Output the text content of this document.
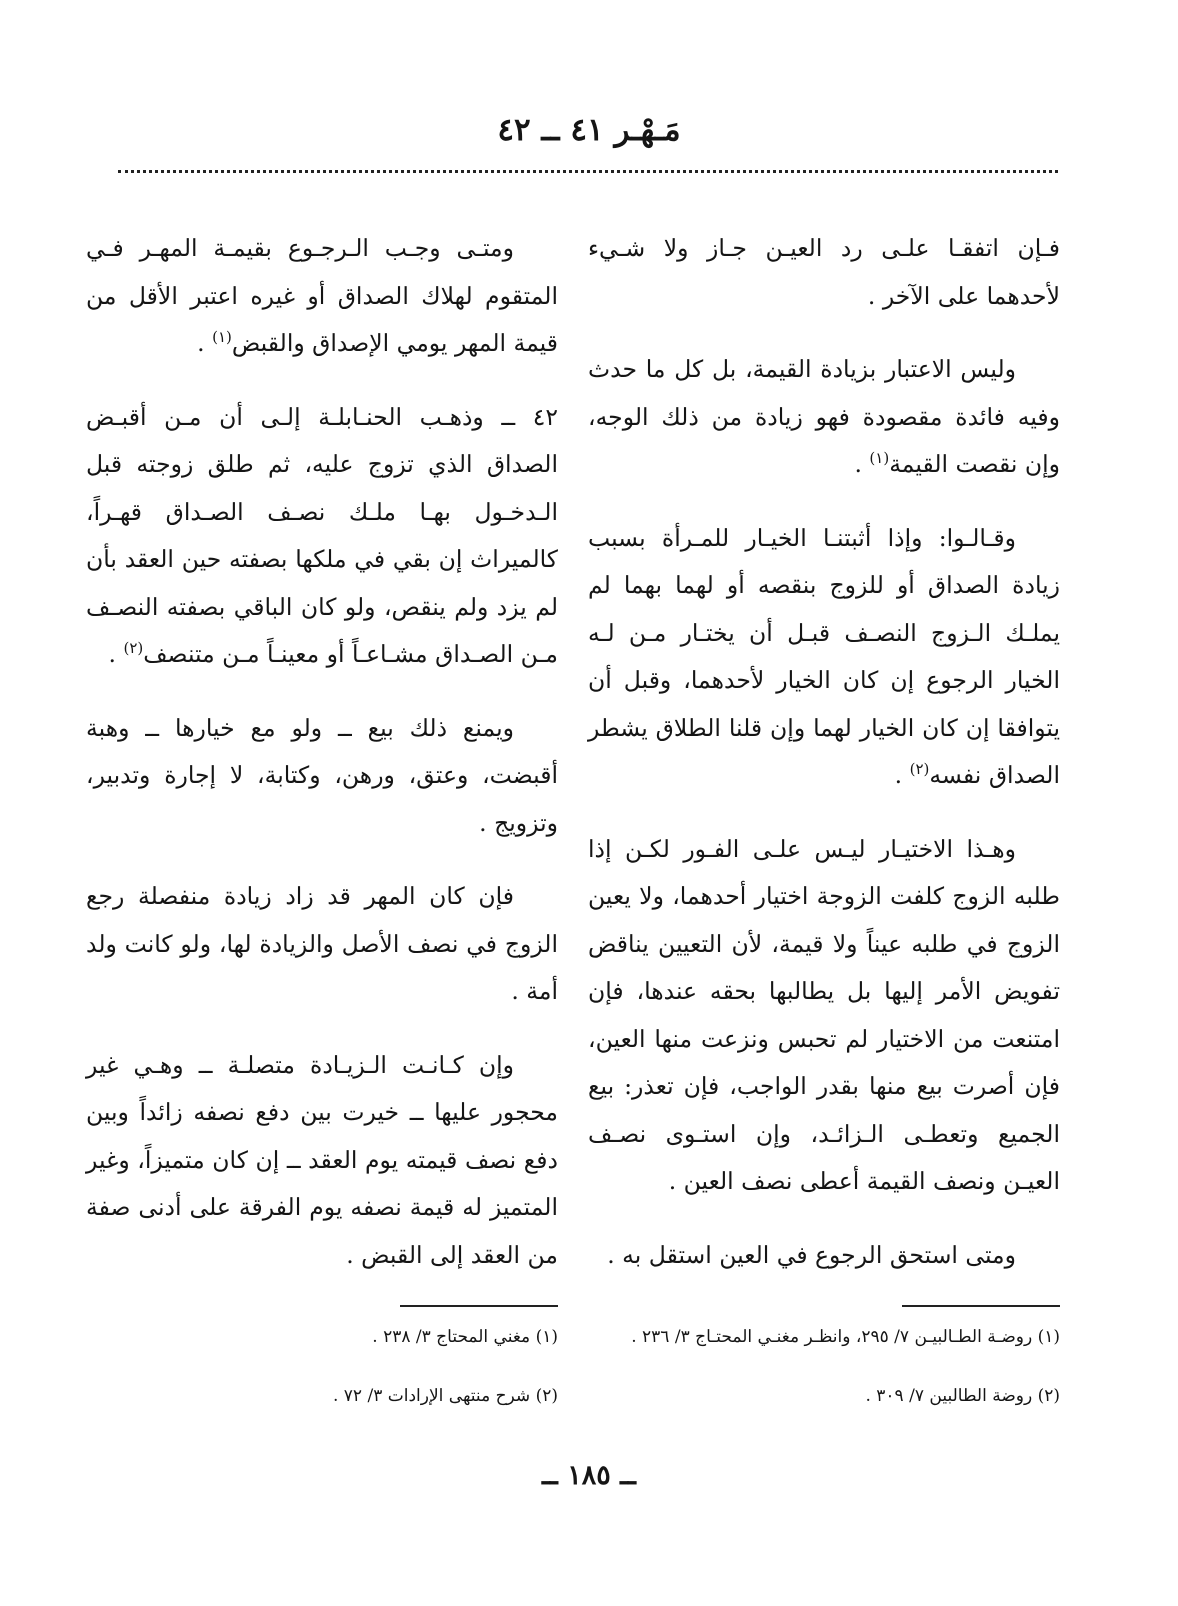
مَـهْـر ٤١ ــ ٤٢

فـإن اتفقـا علـى رد العيـن جـاز ولا شـيء لأحدهما على الآخر .

وليس الاعتبار بزيادة القيمة، بل كل ما حدث وفيه فائدة مقصودة فهو زيادة من ذلك الوجه، وإن نقصت القيمة$^{(١)}$ .

وقـالـوا: وإذا أثبتنـا الخيـار للمـرأة بسبب زيادة الصداق أو للزوج بنقصه أو لهما بهما لم يملـك الـزوج النصـف قبـل أن يختـار مـن لـه الخيار الرجوع إن كان الخيار لأحدهما، وقبل أن يتوافقا إن كان الخيار لهما وإن قلنا الطلاق يشطر الصداق نفسه$^{(٢)}$ .

وهـذا الاختيـار ليـس علـى الفـور لكـن إذا طلبه الزوج كلفت الزوجة اختيار أحدهما، ولا يعين الزوج في طلبه عيناً ولا قيمة، لأن التعيين يناقض تفويض الأمر إليها بل يطالبها بحقه عندها، فإن امتنعت من الاختيار لم تحبس ونزعت منها العين، فإن أصرت بيع منها بقدر الواجب، فإن تعذر: بيع الجميع وتعطـى الـزائـد، وإن استـوى نصـف العيـن ونصف القيمة أعطى نصف العين .

ومتى استحق الرجوع في العين استقل به .

(١) روضـة الطـالبيـن ٧/ ٢٩٥، وانظـر مغنـي المحتـاج ٣/ ٢٣٦ .

(٢) روضة الطالبين ٧/ ٣٠٩ .

ومتـى وجـب الـرجـوع بقيمـة المهـر فـي المتقوم لهلاك الصداق أو غيره اعتبر الأقل من قيمة المهر يومي الإصداق والقبض$^{(١)}$ .

٤٢ ــ وذهـب الحنـابلـة إلـى أن مـن أقبـض الصداق الذي تزوج عليه، ثم طلق زوجته قبل الـدخـول بهـا ملـك نصـف الصـداق قهـراً، كالميراث إن بقي في ملكها بصفته حين العقد بأن لم يزد ولم ينقص، ولو كان الباقي بصفته النصـف مـن الصـداق مشـاعـاً أو معينـاً مـن متنصف$^{(٢)}$ .

ويمنع ذلك بيع ــ ولو مع خيارها ــ وهبة أقبضت، وعتق، ورهن، وكتابة، لا إجارة وتدبير، وتزويج .

فإن كان المهر قد زاد زيادة منفصلة رجع الزوج في نصف الأصل والزيادة لها، ولو كانت ولد أمة .

وإن كـانـت الـزيـادة متصلـة ــ وهـي غير محجور عليها ــ خيرت بين دفع نصفه زائداً وبين دفع نصف قيمته يوم العقد ــ إن كان متميزاً، وغير المتميز له قيمة نصفه يوم الفرقة على أدنى صفة من العقد إلى القبض .

(١) مغني المحتاج ٣/ ٢٣٨ .

(٢) شرح منتهى الإرادات ٣/ ٧٢ .

ــ ١٨٥ ــ
